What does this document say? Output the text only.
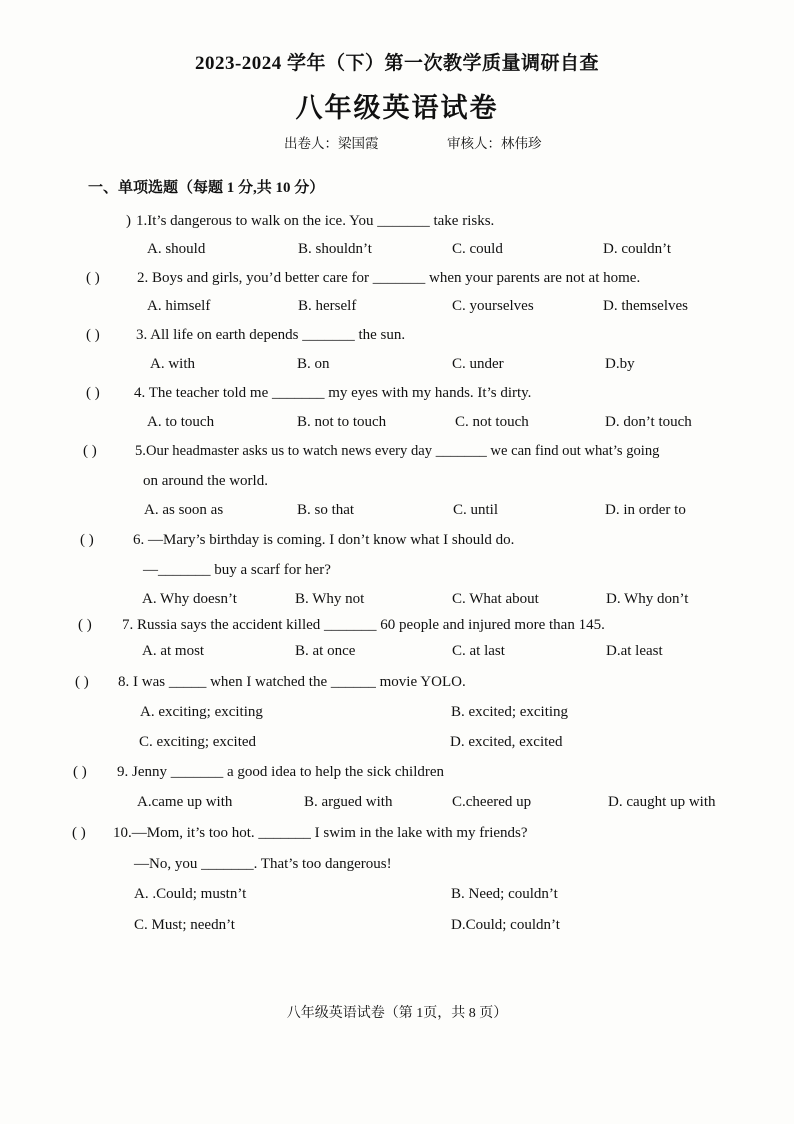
2023-2024 学年（下）第一次教学质量调研自查
八年级英语试卷
出卷人：梁国霞	审核人：林伟珍
一、单项选题（每题 1 分,共 10 分）
) 1.It’s dangerous to walk on the ice. You _______ take risks.
A. should	B. shouldn’t	C. could	D. couldn’t
( ) 2. Boys and girls, you’d better care for _______ when your parents are not at home.
A. himself	B. herself	C. yourselves	D. themselves
( ) 3. All life on earth depends _______ the sun.
A. with	B. on	C. under	D.by
( ) 4. The teacher told me _______ my eyes with my hands. It’s dirty.
A. to touch	B. not to touch	C. not touch	D. don’t touch
( )	5.Our headmaster asks us to watch news every day _______ we can find out what’s going
on around the world.
A. as soon as	B. so that	C. until	D. in order to
( )	6. —Mary’s birthday is coming. I don’t know what I should do.
—_______ buy a scarf for her?
A. Why doesn’t	B. Why not	C. What about	D. Why don’t
( ) 7. Russia says the accident killed _______ 60 people and injured more than 145.
A. at most	B. at once	C. at last	D.at least
( ) 8. I was _____ when I watched the ______ movie YOLO.
A. exciting; exciting	B. excited; exciting
C. exciting; excited	D. excited, excited
( ) 9. Jenny _______ a good idea to help the sick children
A.came up with	B. argued with	C.cheered up	D. caught up with
( ) 10.—Mom, it’s too hot. _______ I swim in the lake with my friends?
—No, you _______. That’s too dangerous!
A. .Could; mustn’t	B. Need; couldn’t
C. Must; needn’t	D.Could; couldn’t
八年级英语试卷（第 1页，共 8 页）
